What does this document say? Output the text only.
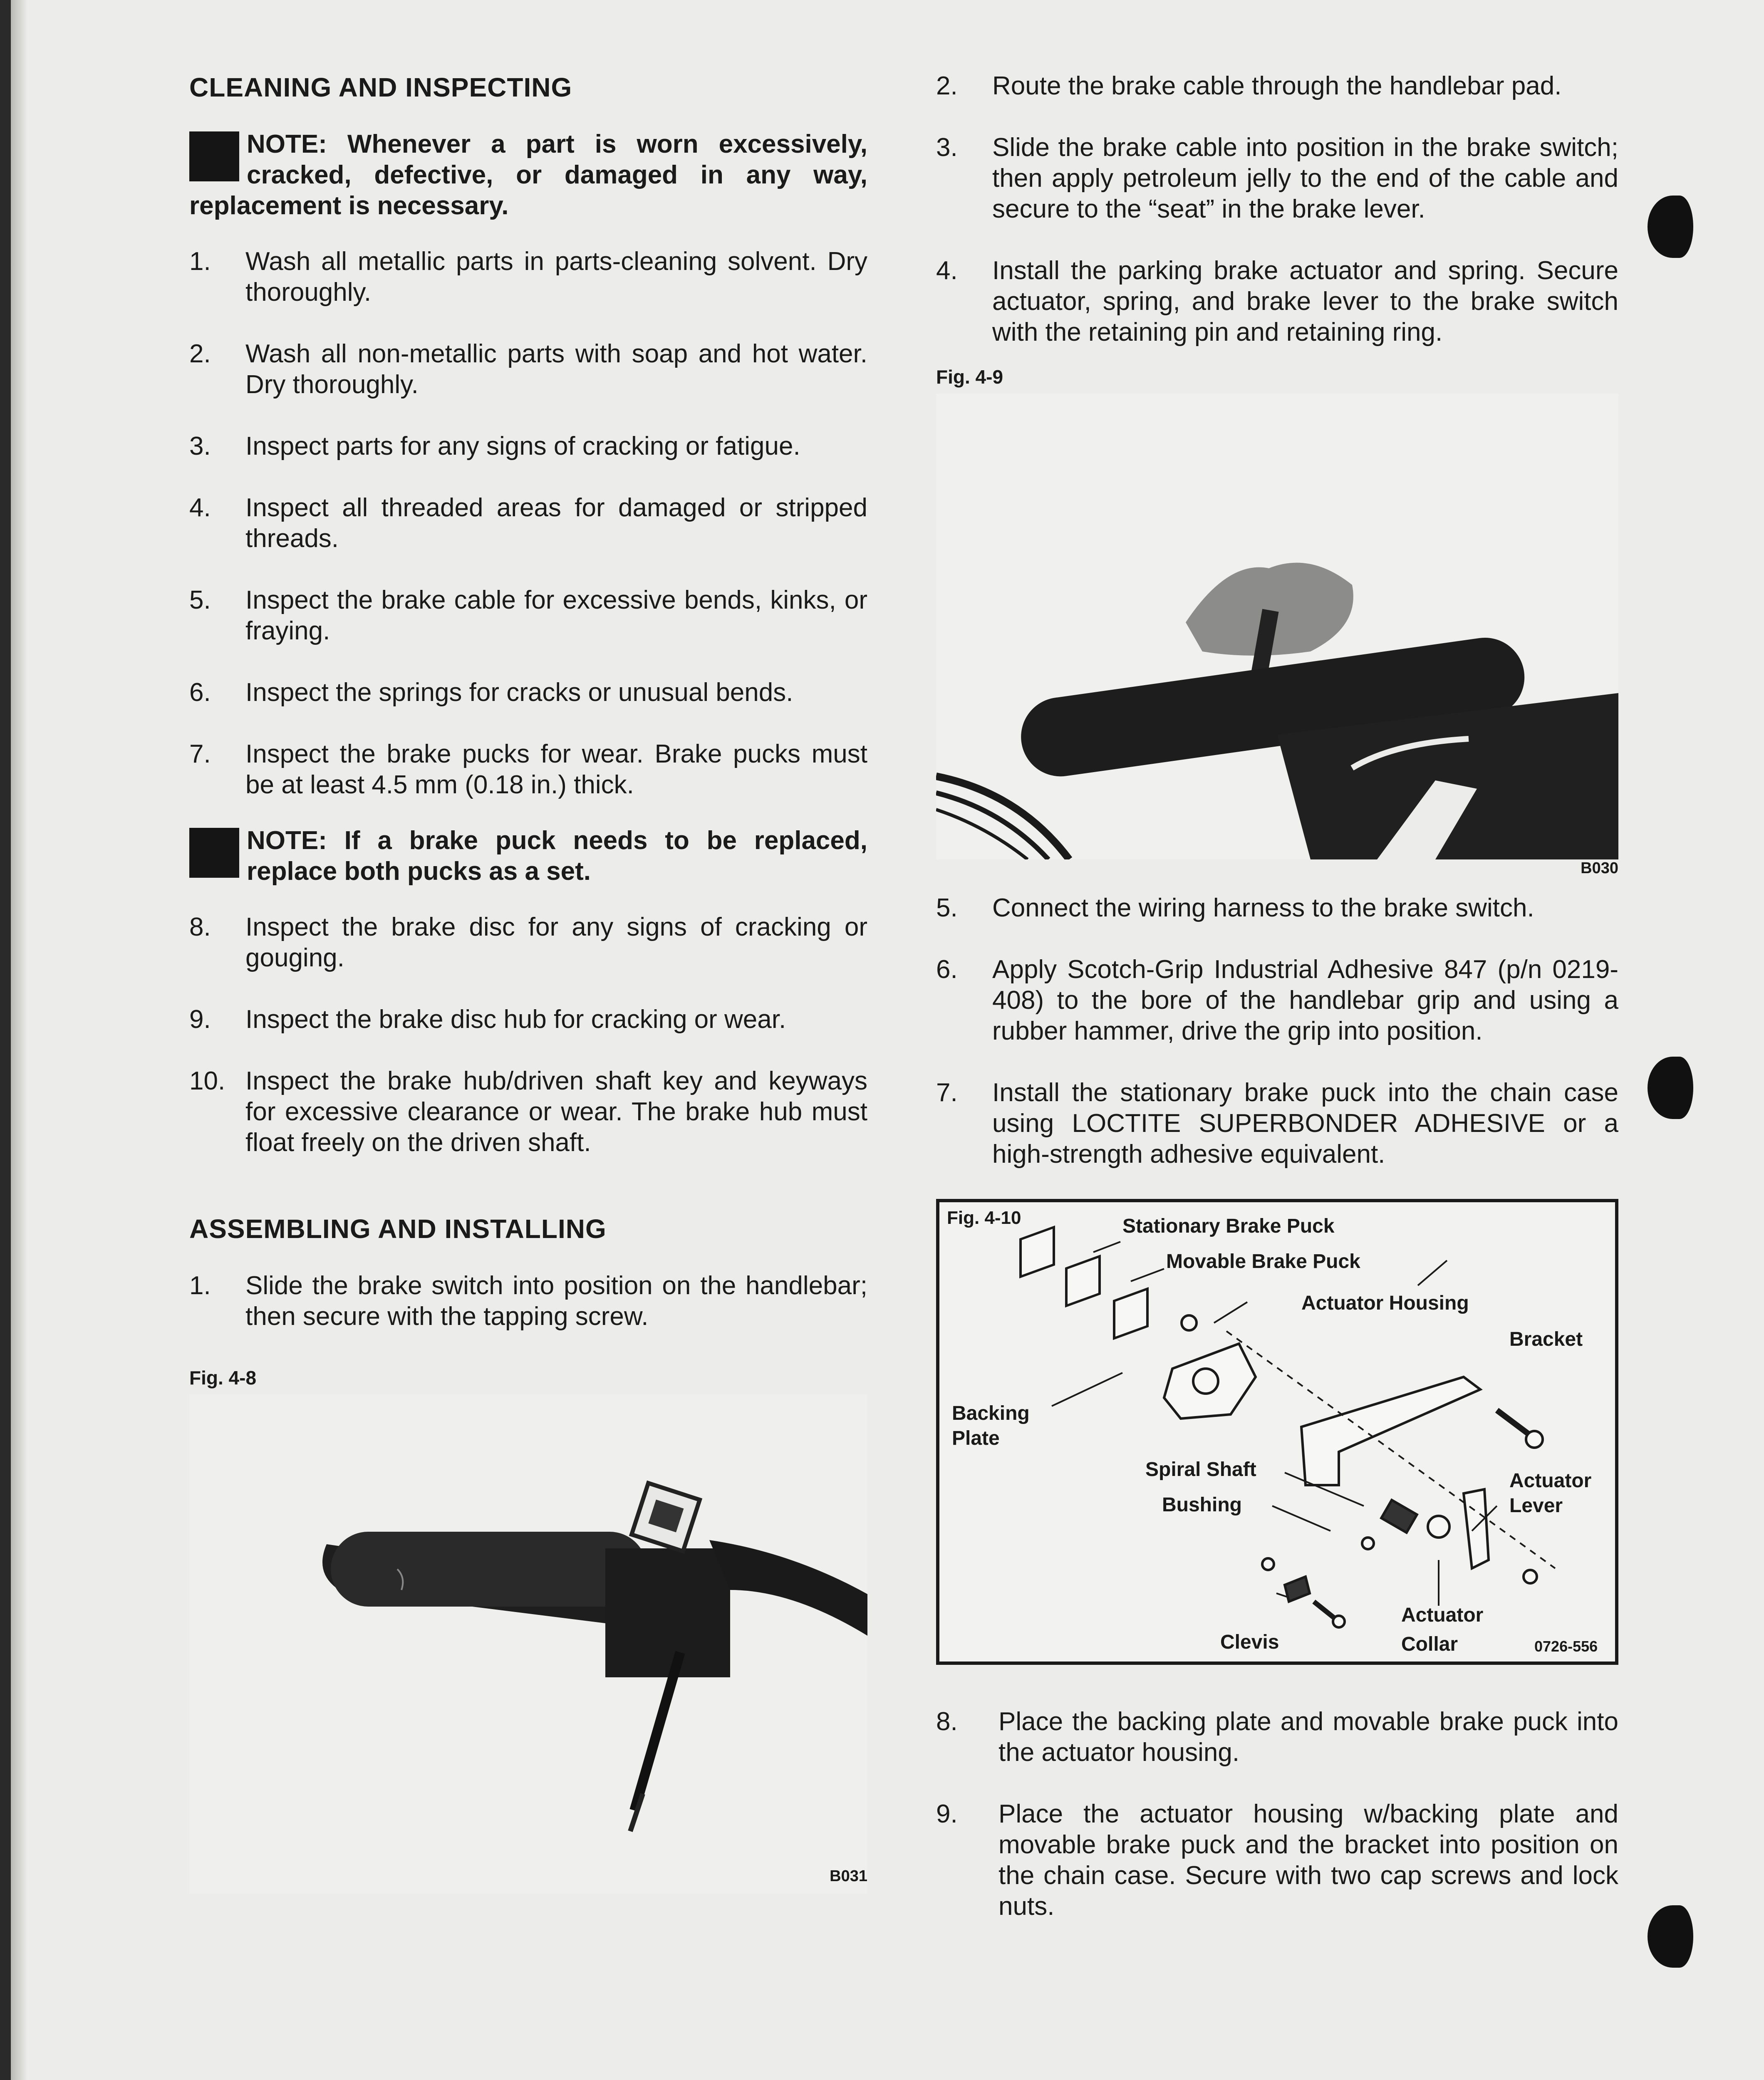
CLEANING AND INSPECTING
NOTE: Whenever a part is worn excessively, cracked, defective, or damaged in any way, replacement is necessary.
1. Wash all metallic parts in parts-cleaning solvent. Dry thoroughly.
2. Wash all non-metallic parts with soap and hot water. Dry thoroughly.
3. Inspect parts for any signs of cracking or fatigue.
4. Inspect all threaded areas for damaged or stripped threads.
5. Inspect the brake cable for excessive bends, kinks, or fraying.
6. Inspect the springs for cracks or unusual bends.
7. Inspect the brake pucks for wear. Brake pucks must be at least 4.5 mm (0.18 in.) thick.
NOTE: If a brake puck needs to be replaced, replace both pucks as a set.
8. Inspect the brake disc for any signs of cracking or gouging.
9. Inspect the brake disc hub for cracking or wear.
10. Inspect the brake hub/driven shaft key and keyways for excessive clearance or wear. The brake hub must float freely on the driven shaft.
ASSEMBLING AND INSTALLING
1. Slide the brake switch into position on the handlebar; then secure with the tapping screw.
Fig. 4-8
B031
2. Route the brake cable through the handlebar pad.
3. Slide the brake cable into position in the brake switch; then apply petroleum jelly to the end of the cable and secure to the “seat” in the brake lever.
4. Install the parking brake actuator and spring. Secure actuator, spring, and brake lever to the brake switch with the retaining pin and retaining ring.
Fig. 4-9
B030
5. Connect the wiring harness to the brake switch.
6. Apply Scotch-Grip Industrial Adhesive 847 (p/n 0219-408) to the bore of the handlebar grip and using a rubber hammer, drive the grip into position.
7. Install the stationary brake puck into the chain case using LOCTITE SUPERBONDER ADHESIVE or a high-strength adhesive equivalent.
Fig. 4-10	Stationary Brake Puck
Movable Brake Puck
Actuator Housing
Bracket
Backing
Plate
Spiral Shaft
Actuator
Bushing	Lever
Actuator
Clevis	Collar	0726-556
8. Place the backing plate and movable brake puck into the actuator housing.
9. Place the actuator housing w/backing plate and movable brake puck and the bracket into position on the chain case. Secure with two cap screws and lock nuts.
